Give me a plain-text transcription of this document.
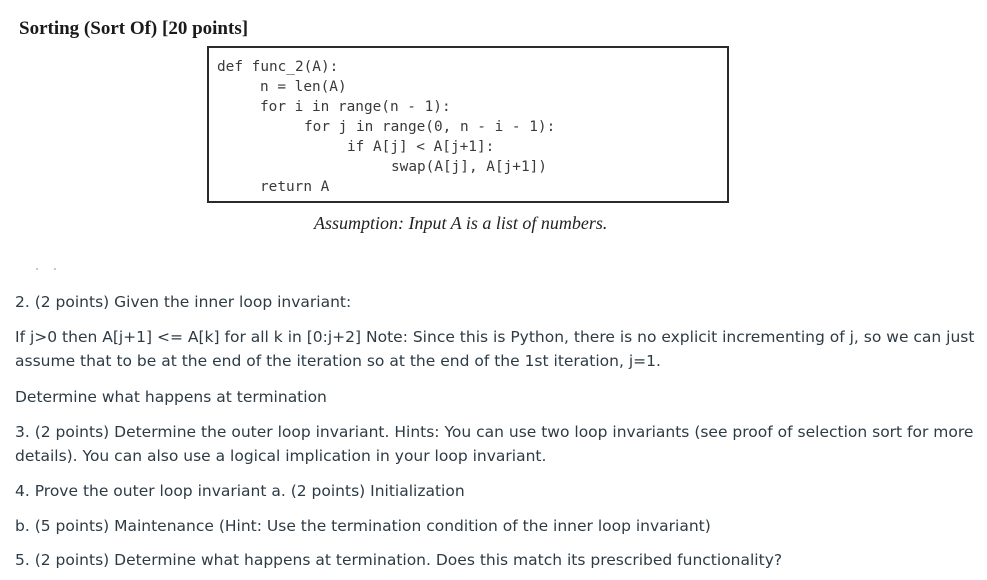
Sorting (Sort Of) [20 points]
def func_2(A):
n = len(A)
for i in range(n - 1):
for j in range(0, n - i - 1):
if A[j] < A[j+1]:
swap(A[j], A[j+1])
return A
Assumption: Input A is a list of numbers.
2. (2 points) Given the inner loop invariant:
If j>0 then A[j+1] <= A[k] for all k in [0:j+2] Note: Since this is Python, there is no explicit incrementing of j, so we can just assume that to be at the end of the iteration so at the end of the 1st iteration, j=1.
Determine what happens at termination
3. (2 points) Determine the outer loop invariant. Hints: You can use two loop invariants (see proof of selection sort for more details). You can also use a logical implication in your loop invariant.
4. Prove the outer loop invariant a. (2 points) Initialization
b. (5 points) Maintenance (Hint: Use the termination condition of the inner loop invariant)
5. (2 points) Determine what happens at termination. Does this match its prescribed functionality?
